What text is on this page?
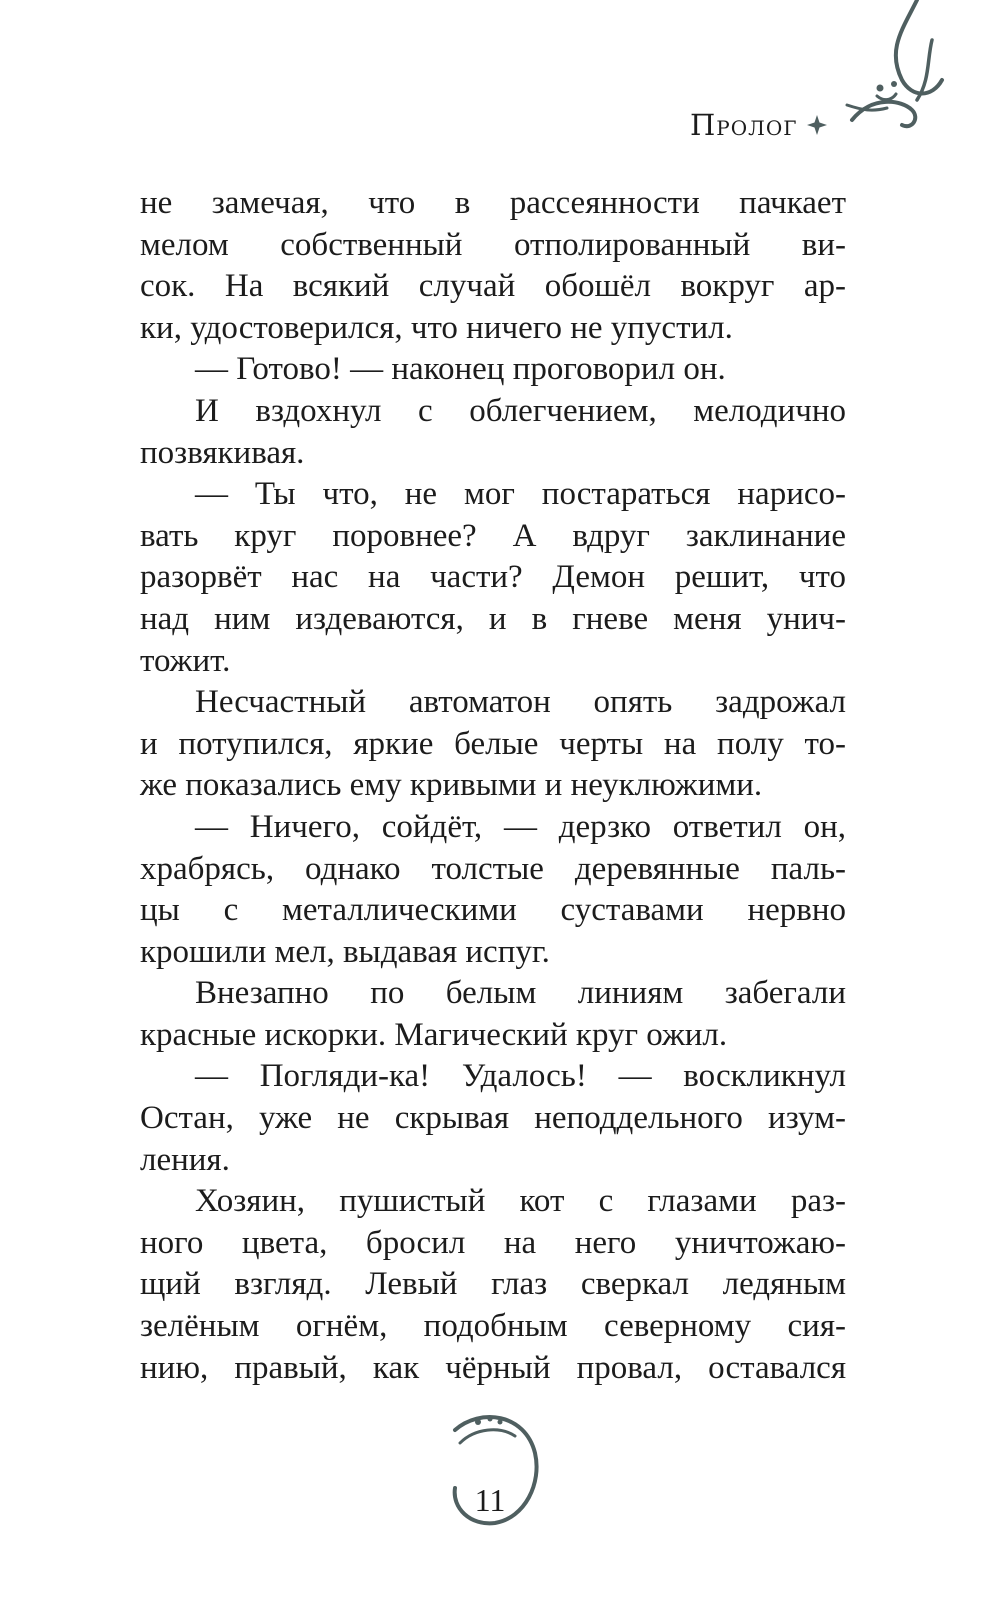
Пролог
не замечая, что в рассеянности пачкает
мелом собственный отполированный ви-
сок. На всякий случай обошёл вокруг ар-
ки, удостоверился, что ничего не упустил.
— Готово! — наконец проговорил он.
И вздохнул с облегчением, мелодично
позвякивая.
— Ты что, не мог постараться нарисо-
вать круг поровнее? А вдруг заклинание
разорвёт нас на части? Демон решит, что
над ним издеваются, и в гневе меня унич-
тожит.
Несчастный автоматон опять задрожал
и потупился, яркие белые черты на полу то-
же показались ему кривыми и неуклюжими.
— Ничего, сойдёт, — дерзко ответил он,
храбрясь, однако толстые деревянные паль-
цы с металлическими суставами нервно
крошили мел, выдавая испуг.
Внезапно по белым линиям забегали
красные искорки. Магический круг ожил.
— Погляди-ка! Удалось! — воскликнул
Остан, уже не скрывая неподдельного изум-
ления.
Хозяин, пушистый кот с глазами раз-
ного цвета, бросил на него уничтожаю-
щий взгляд. Левый глаз сверкал ледяным
зелёным огнём, подобным северному сия-
нию, правый, как чёрный провал, оставался
11
